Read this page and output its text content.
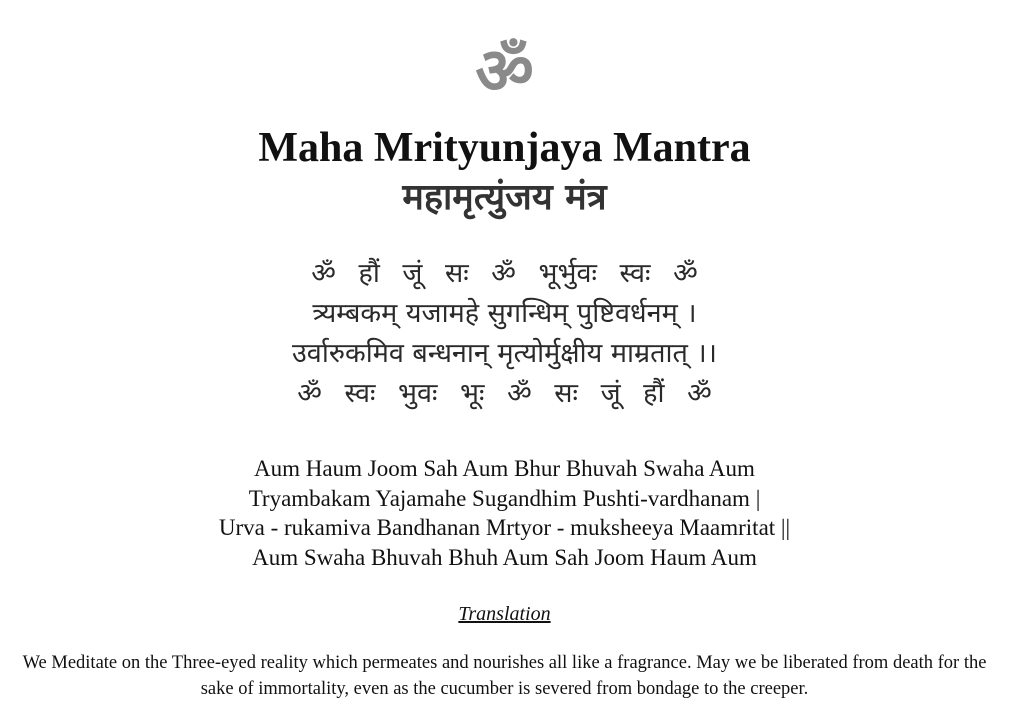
ॐ
Maha Mrityunjaya Mantra
महामृत्युंजय मंत्र
ॐ हौं जूं सः ॐ भूर्भुवः स्वः ॐ
त्र्यम्बकम् यजामहे सुगन्धिम् पुष्टिवर्धनम् ।
उर्वारुकमिव बन्धनान् मृत्योर्मुक्षीय माम्रतात् ।।
ॐ स्वः भुवः भूः ॐ सः जूं हौं ॐ
Aum Haum Joom Sah Aum Bhur Bhuvah Swaha Aum
Tryambakam Yajamahe Sugandhim Pushti-vardhanam |
Urva - rukamiva Bandhanan Mrtyor - muksheeya Maamritat ||
Aum Swaha Bhuvah Bhuh Aum Sah Joom Haum Aum
Translation
We Meditate on the Three-eyed reality which permeates and nourishes all like a fragrance. May we be liberated from death for the sake of immortality, even as the cucumber is severed from bondage to the creeper.
